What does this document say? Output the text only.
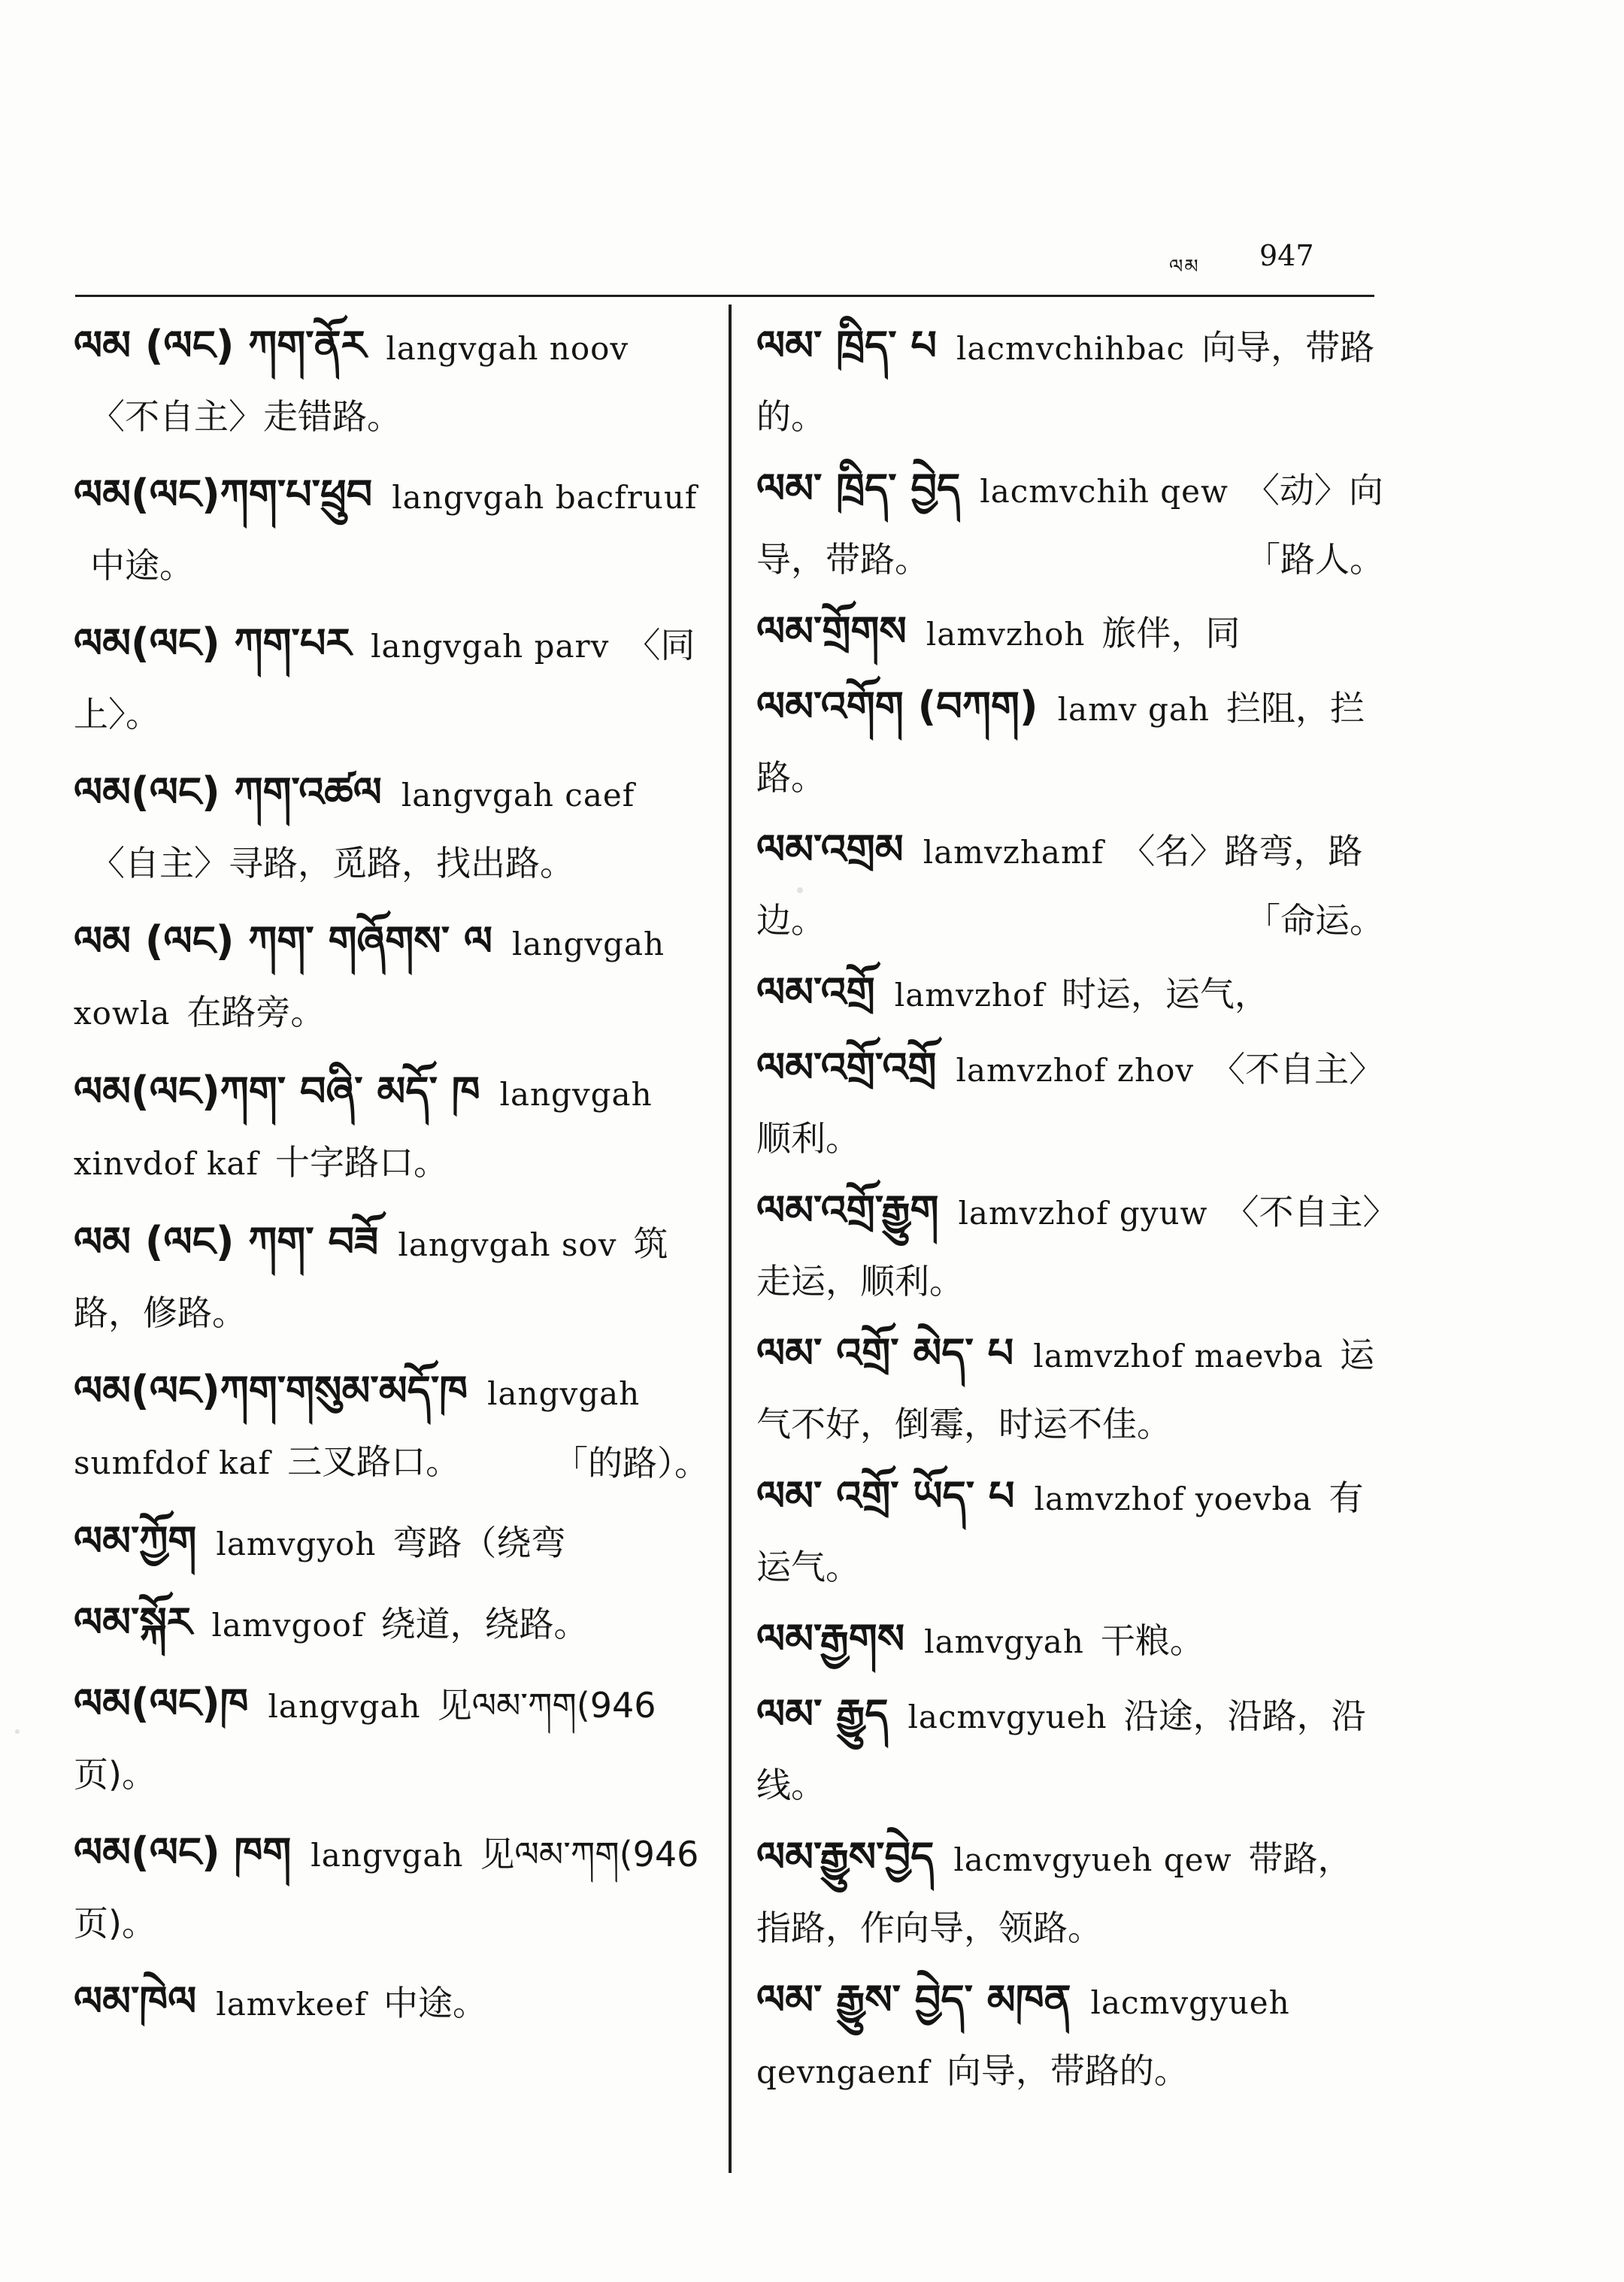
ལམ 947
ལམ (ལང) ཀག་ནོར langvgah noov〈不自主〉走错路。
ལམ(ལང)ཀག་པ་ཕྲུབ langvgah bacfruuf中途。
ལམ(ལང) ཀག་པར langvgah parv 〈同上〉。
ལམ(ལང) ཀག་འཚལ langvgah caef〈自主〉寻路，觅路，找出路。
ལམ (ལང) ཀག་ གཞོགས་ ལ langvgah xowla 在路旁。
ལམ(ལང)ཀག་ བཞི་ མདོ་ ཁ langvgah xinvdof kaf 十字路口。
ལམ (ལང) ཀག་ བཟོ langvgah sov 筑路，修路。
ལམ(ལང)ཀག་གསུམ་མདོ་ཁ langvgah sumfdof kaf 三叉路口。	「的路）。
ལམ་ཀྱོག lamvgyoh 弯路（绕弯
ལམ་སྐོར lamvgoof 绕道，绕路。
ལམ(ལང)ཁ langvgah 见ལམ་ཀག(946页)。
ལམ(ལང) ཁག langvgah 见ལམ་ཀག(946页)。
ལམ་ཁེལ lamvkeef 中途。
ལམ་ ཁྲིད་ པ lacmvchihbac 向导，带路的。
ལམ་ ཁྲིད་ བྱེད lacmvchih qew 〈动〉向导，带路。	「路人。
ལམ་གྲོགས lamvzhoh 旅伴，同
ལམ་འགོག (བཀག) lamv gah 拦阻，拦路。
ལམ་འགྲམ lamvzhamf 〈名〉路弯，路边。	「命运。
ལམ་འགྲོ lamvzhof 时运，运气，
ལམ་འགྲོ་འགྲོ lamvzhof zhov 〈不自主〉顺利。
ལམ་འགྲོ་རྒྱུག lamvzhof gyuw 〈不自主〉走运，顺利。
ལམ་ འགྲོ་ མེད་ པ lamvzhof maevba 运气不好，倒霉，时运不佳。
ལམ་ འགྲོ་ ཡོད་ པ lamvzhof yoevba 有运气。
ལམ་རྒྱགས lamvgyah 干粮。
ལམ་ རྒྱུད lacmvgyueh 沿途，沿路，沿线。
ལམ་རྒྱུས་བྱེད lacmvgyueh qew 带路，指路，作向导，领路。
ལམ་ རྒྱུས་ བྱེད་ མཁན lacmvgyueh qevngaenf 向导，带路的。
